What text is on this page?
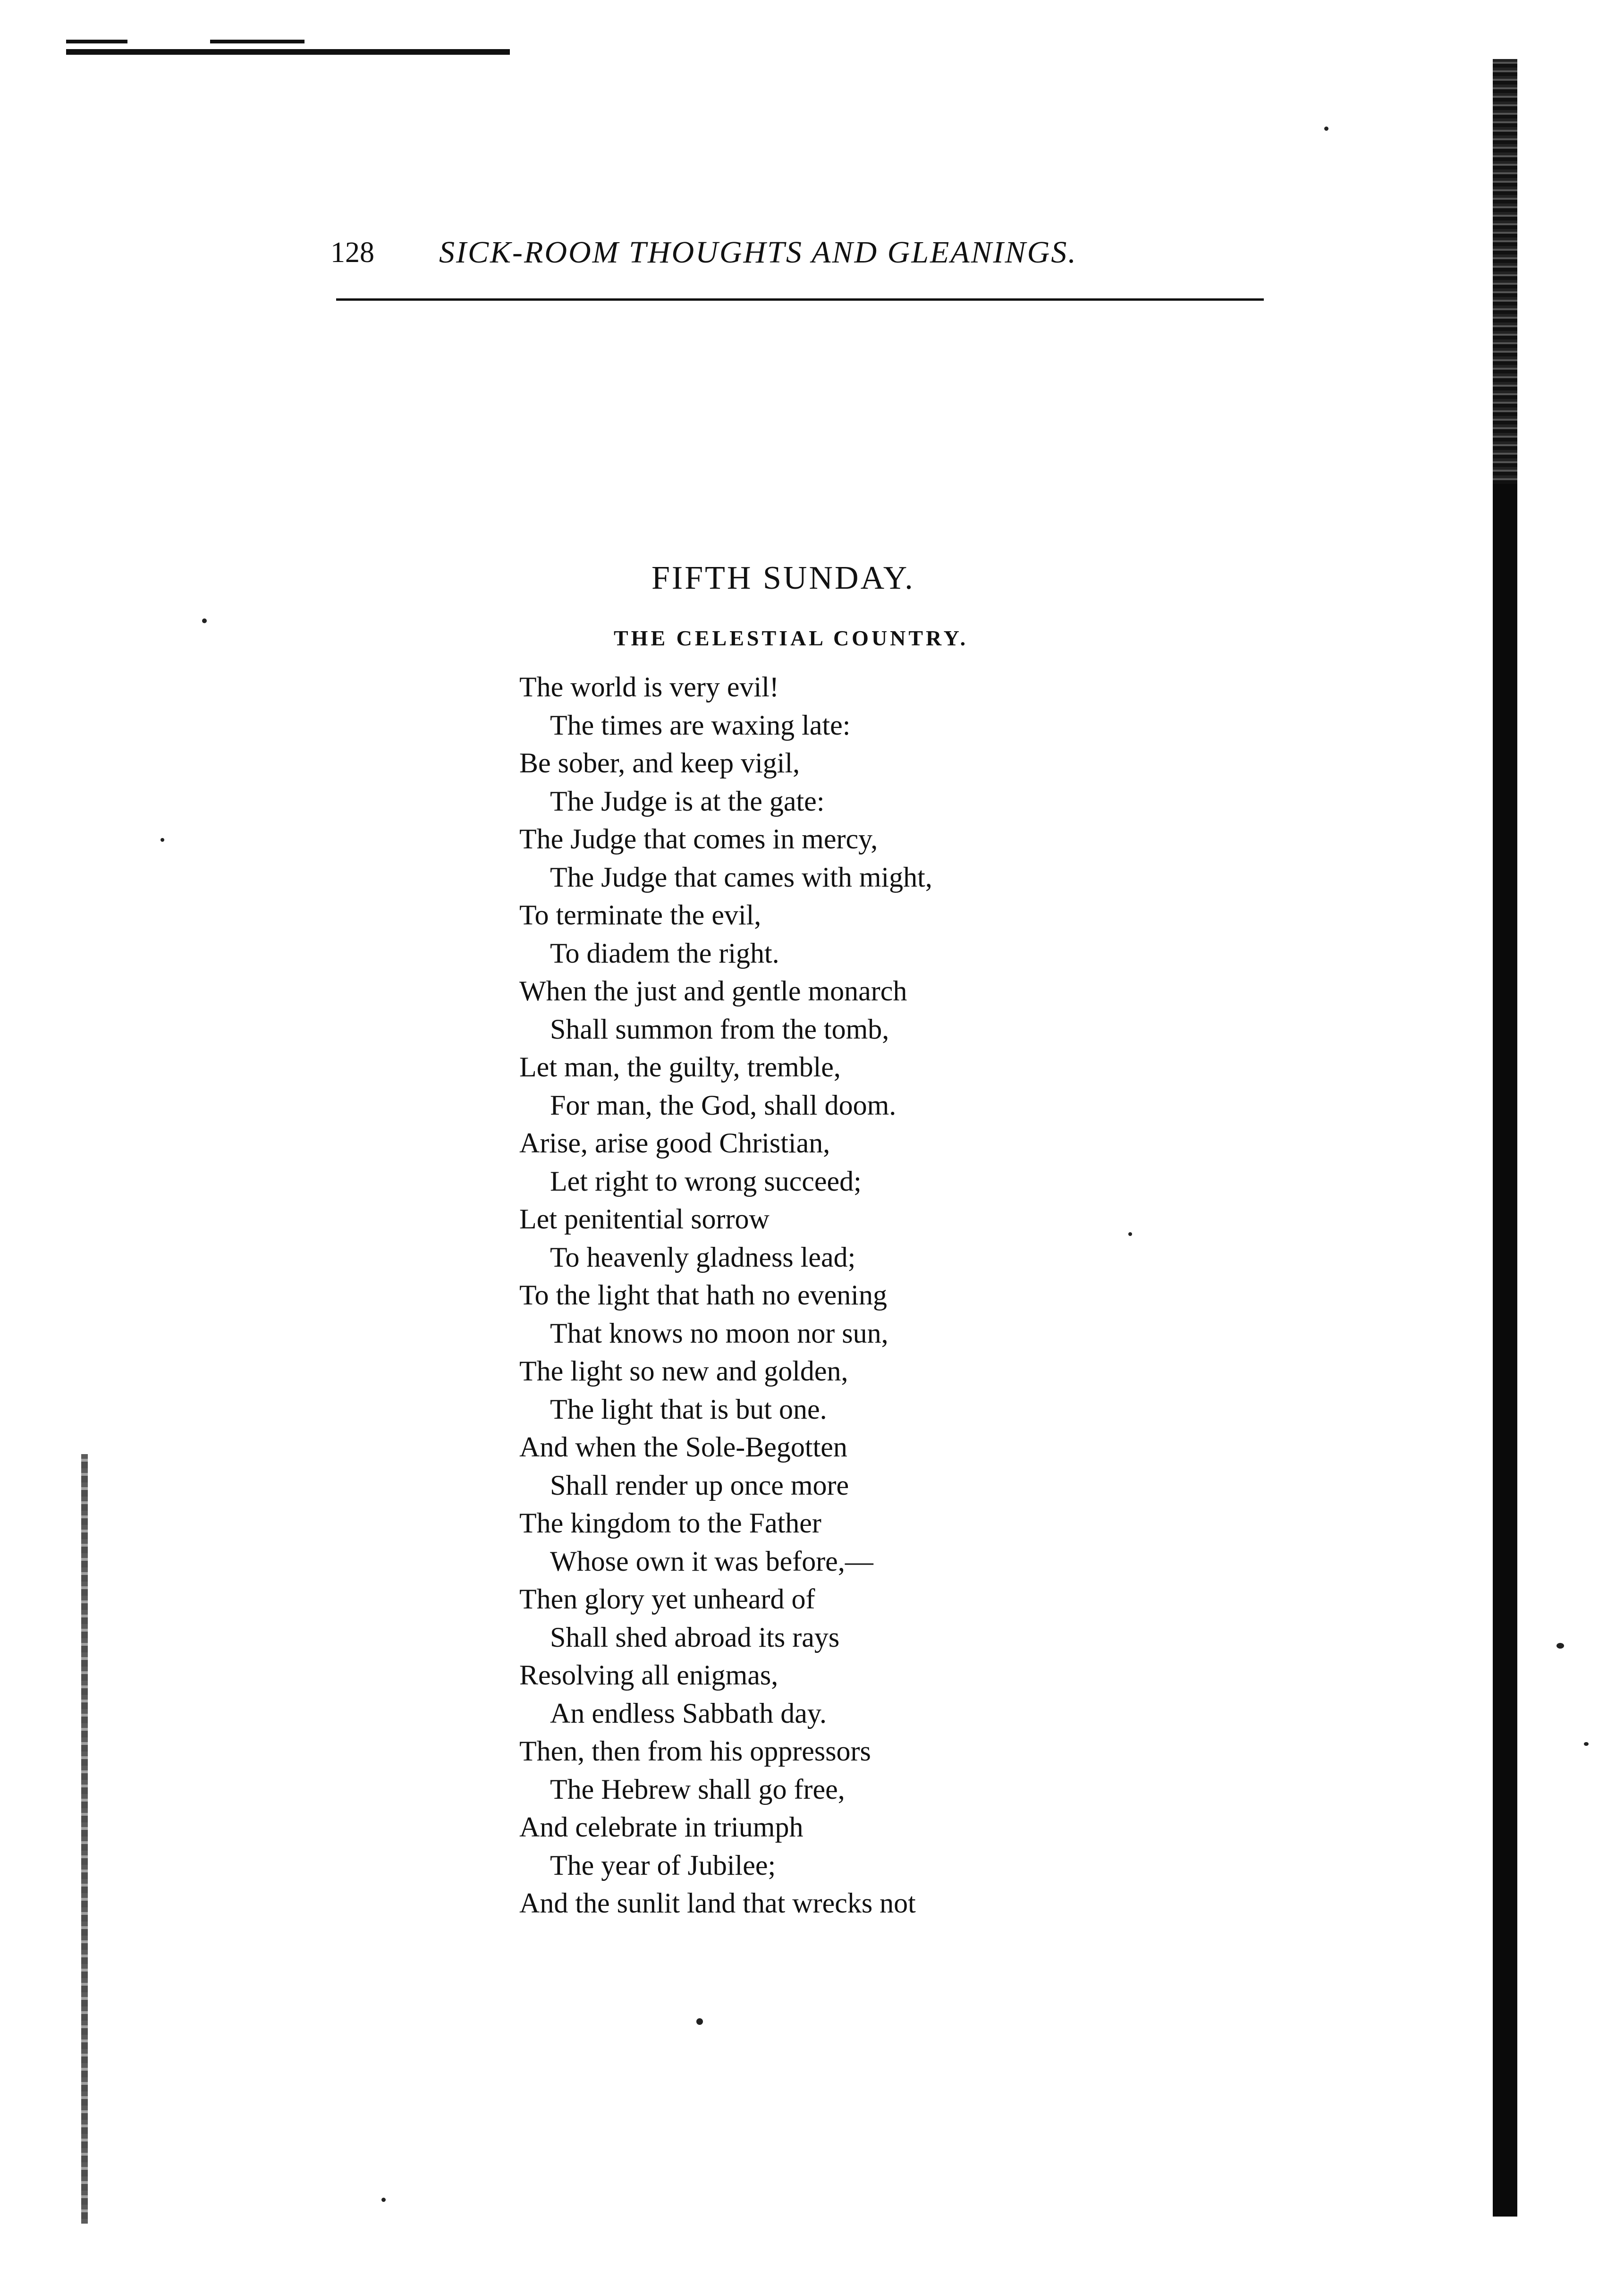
128 SICK-ROOM THOUGHTS AND GLEANINGS.
FIFTH SUNDAY.
THE CELESTIAL COUNTRY.
The world is very evil!
The times are waxing late:
Be sober, and keep vigil,
The Judge is at the gate:
The Judge that comes in mercy,
The Judge that cames with might,
To terminate the evil,
To diadem the right.
When the just and gentle monarch
Shall summon from the tomb,
Let man, the guilty, tremble,
For man, the God, shall doom.
Arise, arise good Christian,
Let right to wrong succeed;
Let penitential sorrow
To heavenly gladness lead;
To the light that hath no evening
That knows no moon nor sun,
The light so new and golden,
The light that is but one.
And when the Sole-Begotten
Shall render up once more
The kingdom to the Father
Whose own it was before,—
Then glory yet unheard of
Shall shed abroad its rays
Resolving all enigmas,
An endless Sabbath day.
Then, then from his oppressors
The Hebrew shall go free,
And celebrate in triumph
The year of Jubilee;
And the sunlit land that wrecks not
